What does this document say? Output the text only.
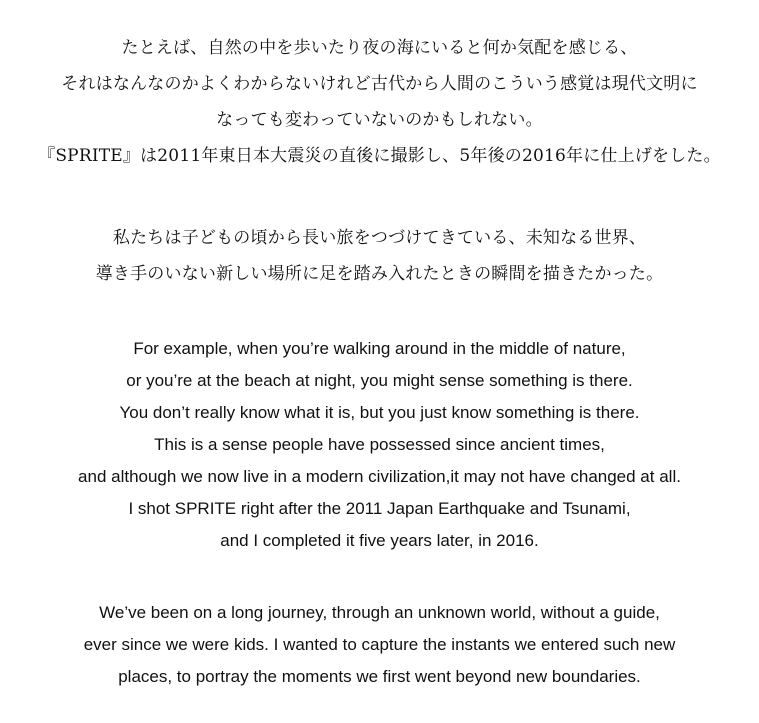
たとえば、自然の中を歩いたり夜の海にいると何か気配を感じる、

それはなんなのかよくわからないけれど古代から人間のこういう感覚は現代文明に

なっても変わっていないのかもしれない。

『SPRITE』は2011年東日本大震災の直後に撮影し、5年後の2016年に仕上げをした。

私たちは子どもの頃から長い旅をつづけてきている、未知なる世界、

導き手のいない新しい場所に足を踏み入れたときの瞬間を描きたかった。

For example, when you’re walking around in the middle of nature,

or you’re at the beach at night, you might sense something is there.

You don’t really know what it is, but you just know something is there.

This is a sense people have possessed since ancient times,

and although we now live in a modern civilization,it may not have changed at all.

I shot SPRITE right after the 2011 Japan Earthquake and Tsunami,

and I completed it five years later, in 2016.

We’ve been on a long journey, through an unknown world, without a guide,

ever since we were kids. I wanted to capture the instants we entered such new

places, to portray the moments we first went beyond new boundaries.
